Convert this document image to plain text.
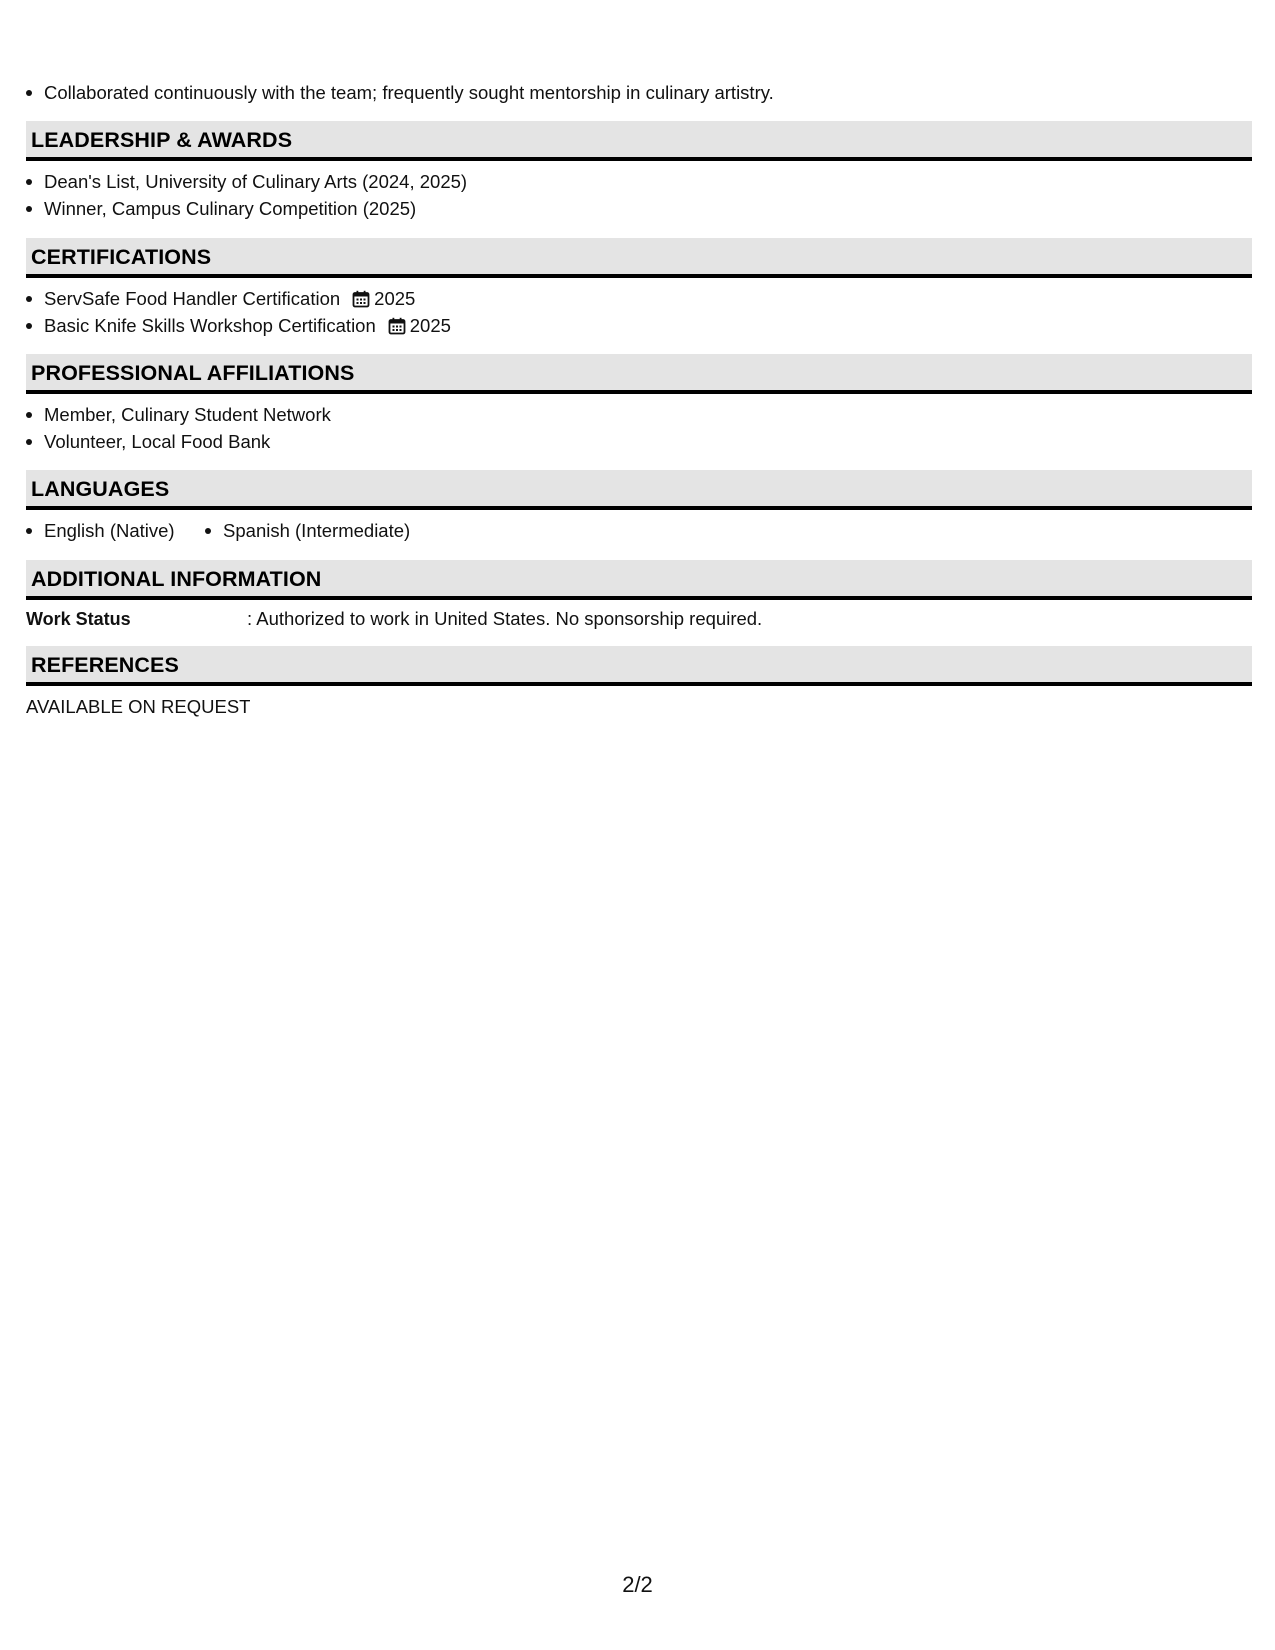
Collaborated continuously with the team; frequently sought mentorship in culinary artistry.
LEADERSHIP & AWARDS
Dean's List, University of Culinary Arts (2024, 2025)
Winner, Campus Culinary Competition (2025)
CERTIFICATIONS
ServSafe Food Handler Certification 2025
Basic Knife Skills Workshop Certification 2025
PROFESSIONAL AFFILIATIONS
Member, Culinary Student Network
Volunteer, Local Food Bank
LANGUAGES
English (Native)	Spanish (Intermediate)
ADDITIONAL INFORMATION
Work Status	: Authorized to work in United States. No sponsorship required.
REFERENCES
AVAILABLE ON REQUEST
2/2
